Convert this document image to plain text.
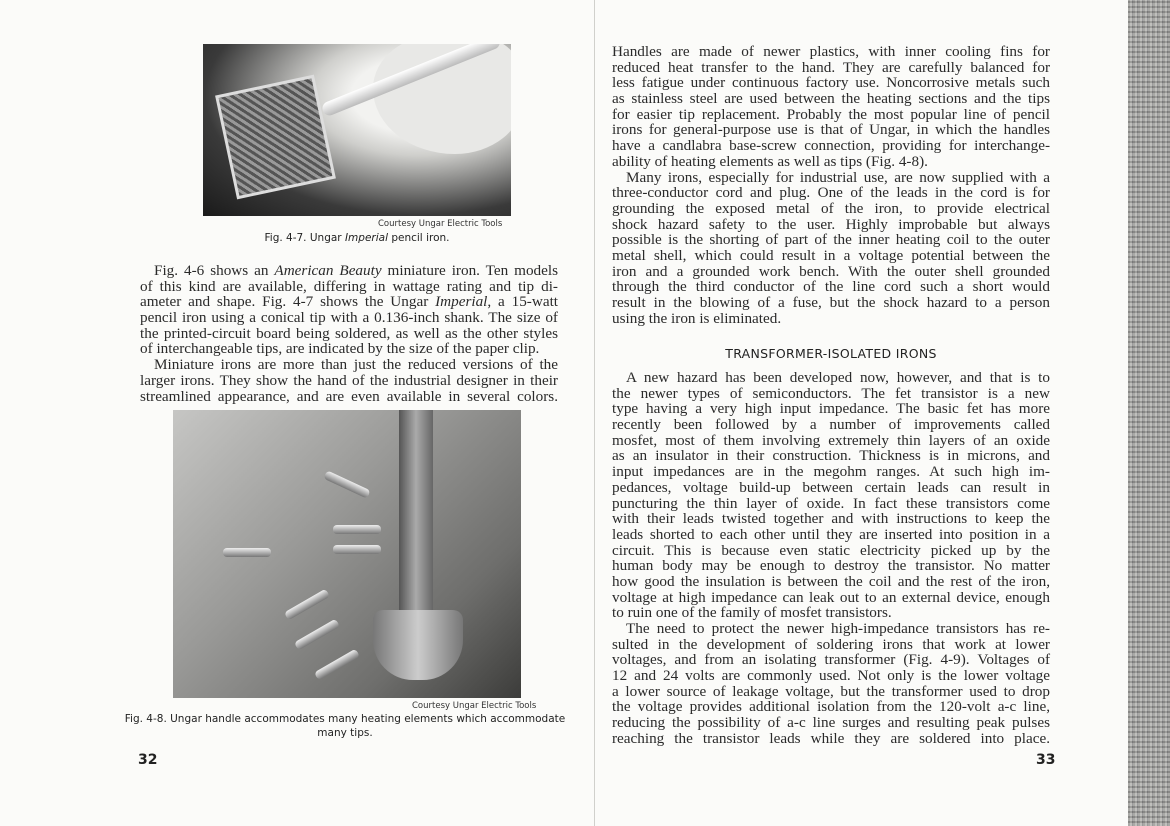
Courtesy Ungar Electric Tools
Fig. 4-7. Ungar Imperial pencil iron.
Fig. 4-6 shows an American Beauty miniature iron. Ten models
of this kind are available, differing in wattage rating and tip di-
ameter and shape. Fig. 4-7 shows the Ungar Imperial, a 15-watt
pencil iron using a conical tip with a 0.136-inch shank. The size of
the printed-circuit board being soldered, as well as the other styles
of interchangeable tips, are indicated by the size of the paper clip.
Miniature irons are more than just the reduced versions of the
larger irons. They show the hand of the industrial designer in their
streamlined appearance, and are even available in several colors.
Courtesy Ungar Electric Tools
Fig. 4-8. Ungar handle accommodates many heating elements which accommodate
many tips.
32
Handles are made of newer plastics, with inner cooling fins for
reduced heat transfer to the hand. They are carefully balanced for
less fatigue under continuous factory use. Noncorrosive metals such
as stainless steel are used between the heating sections and the tips
for easier tip replacement. Probably the most popular line of pencil
irons for general-purpose use is that of Ungar, in which the handles
have a candlabra base-screw connection, providing for interchange-
ability of heating elements as well as tips (Fig. 4-8).
Many irons, especially for industrial use, are now supplied with a
three-conductor cord and plug. One of the leads in the cord is for
grounding the exposed metal of the iron, to provide electrical
shock hazard safety to the user. Highly improbable but always
possible is the shorting of part of the inner heating coil to the outer
metal shell, which could result in a voltage potential between the
iron and a grounded work bench. With the outer shell grounded
through the third conductor of the line cord such a short would
result in the blowing of a fuse, but the shock hazard to a person
using the iron is eliminated.
TRANSFORMER-ISOLATED IRONS
A new hazard has been developed now, however, and that is to
the newer types of semiconductors. The fet transistor is a new
type having a very high input impedance. The basic fet has more
recently been followed by a number of improvements called
mosfet, most of them involving extremely thin layers of an oxide
as an insulator in their construction. Thickness is in microns, and
input impedances are in the megohm ranges. At such high im-
pedances, voltage build-up between certain leads can result in
puncturing the thin layer of oxide. In fact these transistors come
with their leads twisted together and with instructions to keep the
leads shorted to each other until they are inserted into position in a
circuit. This is because even static electricity picked up by the
human body may be enough to destroy the transistor. No matter
how good the insulation is between the coil and the rest of the iron,
voltage at high impedance can leak out to an external device, enough
to ruin one of the family of mosfet transistors.
The need to protect the newer high-impedance transistors has re-
sulted in the development of soldering irons that work at lower
voltages, and from an isolating transformer (Fig. 4-9). Voltages of
12 and 24 volts are commonly used. Not only is the lower voltage
a lower source of leakage voltage, but the transformer used to drop
the voltage provides additional isolation from the 120-volt a-c line,
reducing the possibility of a-c line surges and resulting peak pulses
reaching the transistor leads while they are soldered into place.
33
